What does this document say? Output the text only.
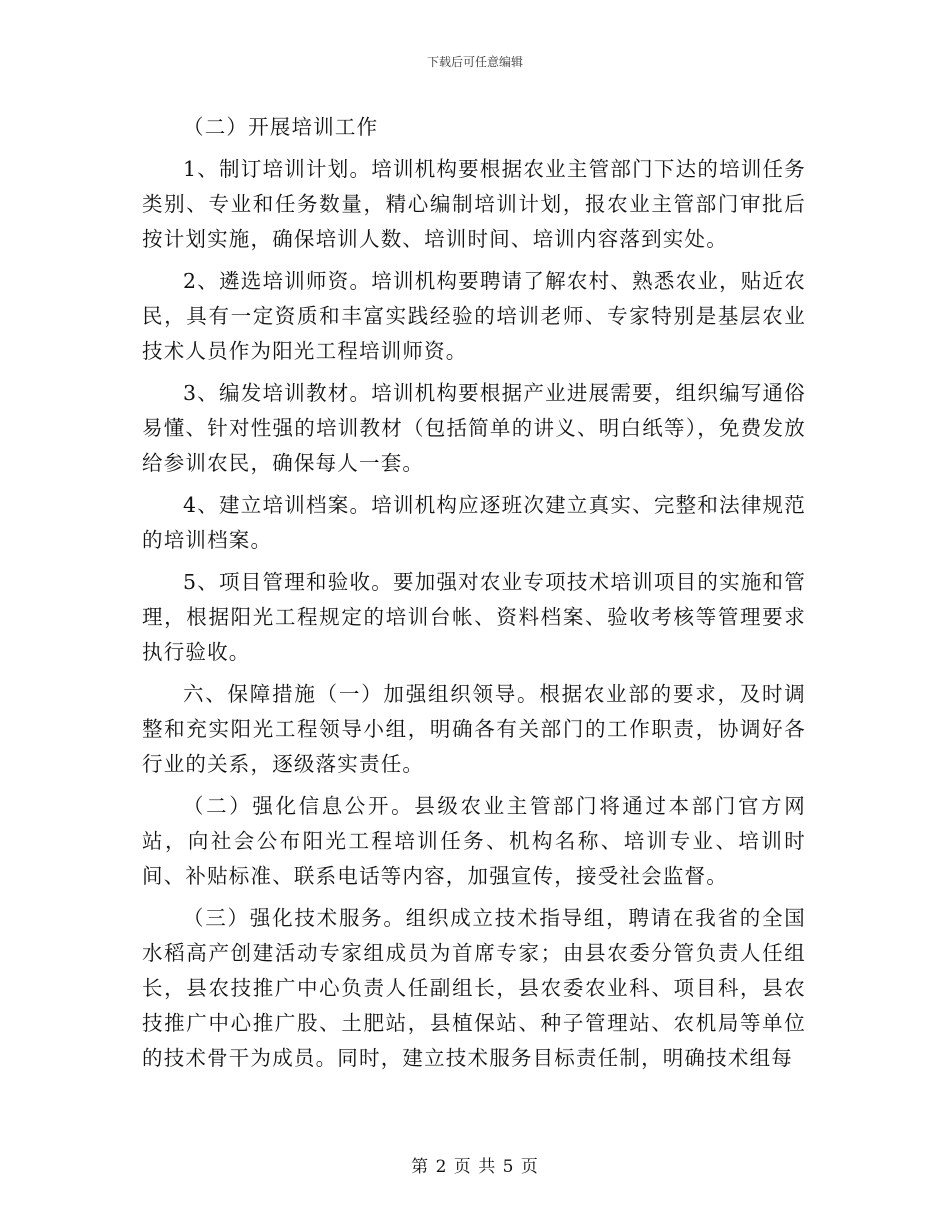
下载后可任意编辑

（二）开展培训工作

1、制订培训计划。培训机构要根据农业主管部门下达的培训任务类别、专业和任务数量，精心编制培训计划，报农业主管部门审批后按计划实施，确保培训人数、培训时间、培训内容落到实处。

2、遴选培训师资。培训机构要聘请了解农村、熟悉农业，贴近农民，具有一定资质和丰富实践经验的培训老师、专家特别是基层农业技术人员作为阳光工程培训师资。

3、编发培训教材。培训机构要根据产业进展需要，组织编写通俗易懂、针对性强的培训教材（包括简单的讲义、明白纸等），免费发放给参训农民，确保每人一套。

4、建立培训档案。培训机构应逐班次建立真实、完整和法律规范的培训档案。

5、项目管理和验收。要加强对农业专项技术培训项目的实施和管理，根据阳光工程规定的培训台帐、资料档案、验收考核等管理要求执行验收。

六、保障措施（一）加强组织领导。根据农业部的要求，及时调整和充实阳光工程领导小组，明确各有关部门的工作职责，协调好各行业的关系，逐级落实责任。

（二）强化信息公开。县级农业主管部门将通过本部门官方网站，向社会公布阳光工程培训任务、机构名称、培训专业、培训时间、补贴标准、联系电话等内容，加强宣传，接受社会监督。

（三）强化技术服务。组织成立技术指导组，聘请在我省的全国水稻高产创建活动专家组成员为首席专家；由县农委分管负责人任组长，县农技推广中心负责人任副组长，县农委农业科、项目科，县农技推广中心推广股、土肥站，县植保站、种子管理站、农机局等单位的技术骨干为成员。同时，建立技术服务目标责任制，明确技术组每

第 2 页 共 5 页
